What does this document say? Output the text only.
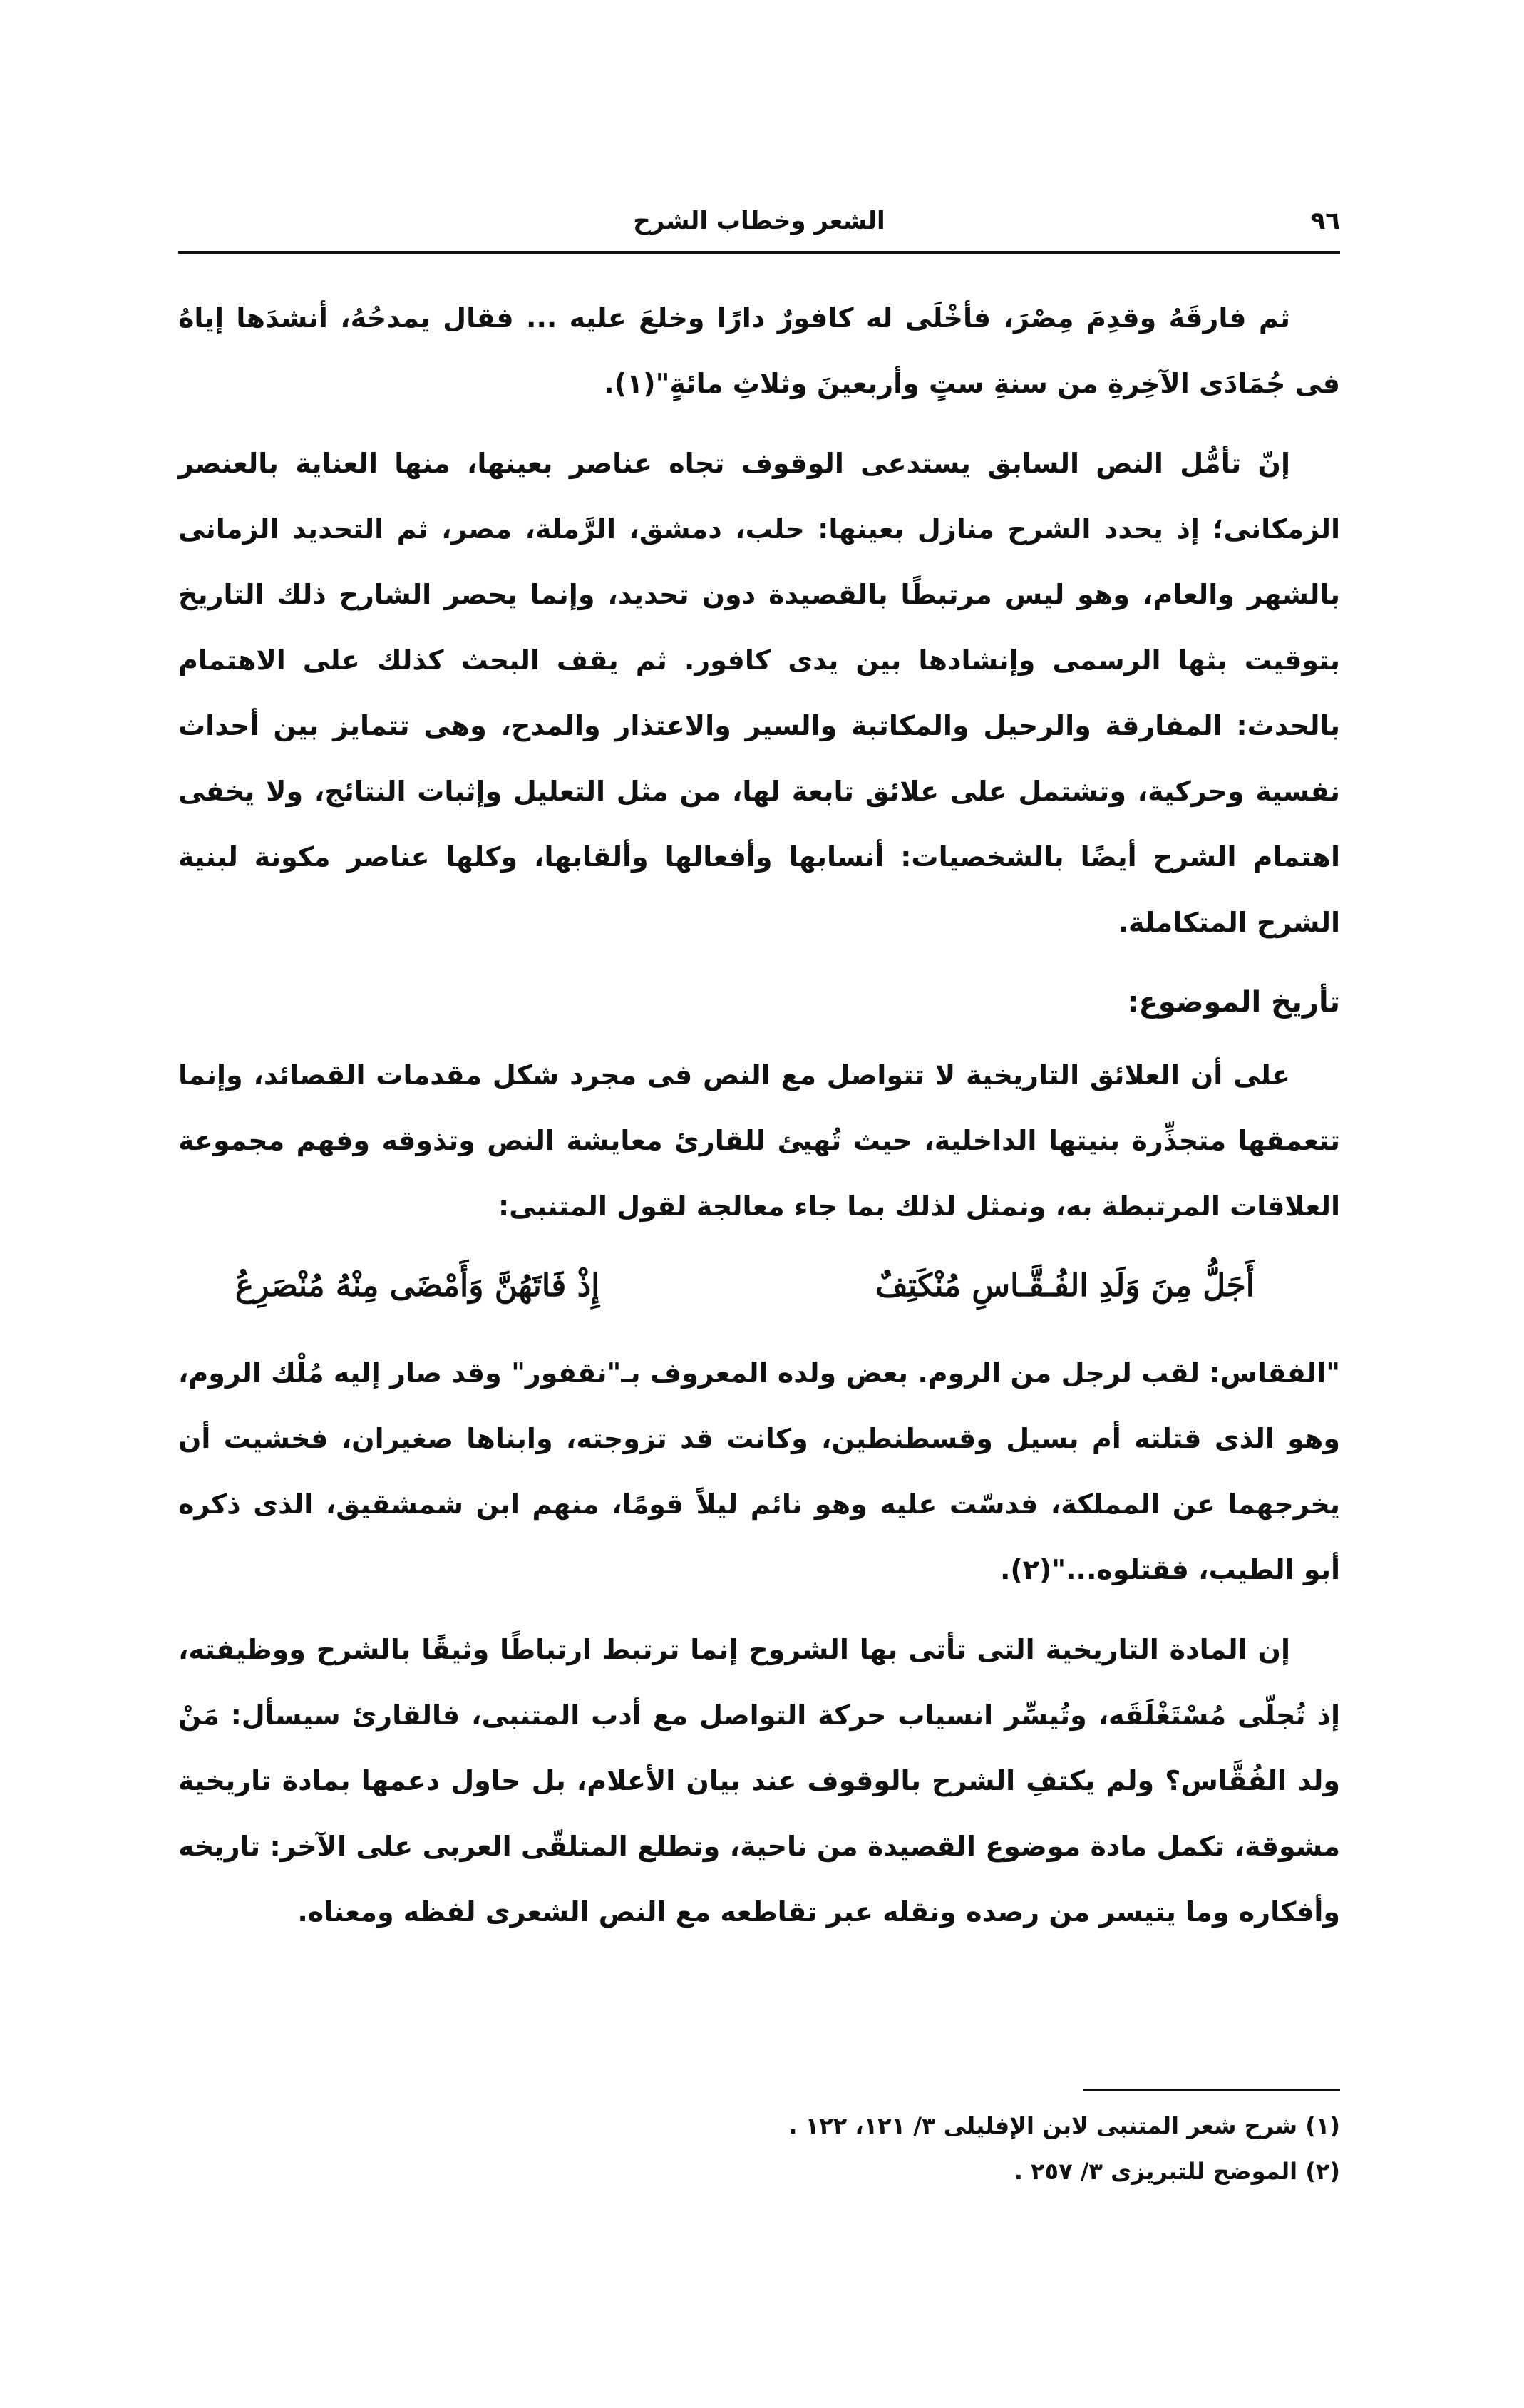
٩٦
الشعر وخطاب الشرح

ثم فارقَهُ وقدِمَ مِصْرَ، فأخْلَى له كافورٌ دارًا وخلعَ عليه ... فقال يمدحُهُ، أنشدَها إياهُ فى جُمَادَى الآخِرةِ من سنةِ ستٍ وأربعينَ وثلاثِ مائةٍ"(١).

إنّ تأمُّل النص السابق يستدعى الوقوف تجاه عناصر بعينها، منها العناية بالعنصر الزمكانى؛ إذ يحدد الشرح منازل بعينها: حلب، دمشق، الرَّملة، مصر، ثم التحديد الزمانى بالشهر والعام، وهو ليس مرتبطًا بالقصيدة دون تحديد، وإنما يحصر الشارح ذلك التاريخ بتوقيت بثها الرسمى وإنشادها بين يدى كافور. ثم يقف البحث كذلك على الاهتمام بالحدث: المفارقة والرحيل والمكاتبة والسير والاعتذار والمدح، وهى تتمايز بين أحداث نفسية وحركية، وتشتمل على علائق تابعة لها، من مثل التعليل وإثبات النتائج، ولا يخفى اهتمام الشرح أيضًا بالشخصيات: أنسابها وأفعالها وألقابها، وكلها عناصر مكونة لبنية الشرح المتكاملة.

تأريخ الموضوع:

على أن العلائق التاريخية لا تتواصل مع النص فى مجرد شكل مقدمات القصائد، وإنما تتعمقها متجذِّرة بنيتها الداخلية، حيث تُهيئ للقارئ معايشة النص وتذوقه وفهم مجموعة العلاقات المرتبطة به، ونمثل لذلك بما جاء معالجة لقول المتنبى:

أَجَلُّ مِنَ وَلَدِ الفُـقَّـاسِ مُنْكَتِفٌ
إِذْ فَاتَهُنَّ وَأَمْضَى مِنْهُ مُنْصَرِعُ

"الفقاس: لقب لرجل من الروم. بعض ولده المعروف بـ"نقفور" وقد صار إليه مُلْك الروم، وهو الذى قتلته أم بسيل وقسطنطين، وكانت قد تزوجته، وابناها صغيران، فخشيت أن يخرجهما عن المملكة، فدسّت عليه وهو نائم ليلاً قومًا، منهم ابن شمشقيق، الذى ذكره أبو الطيب، فقتلوه..."(٢).

إن المادة التاريخية التى تأتى بها الشروح إنما ترتبط ارتباطًا وثيقًا بالشرح ووظيفته، إذ تُجلّى مُسْتَغْلَقَه، وتُيسِّر انسياب حركة التواصل مع أدب المتنبى، فالقارئ سيسأل: مَنْ ولد الفُقَّاس؟ ولم يكتفِ الشرح بالوقوف عند بيان الأعلام، بل حاول دعمها بمادة تاريخية مشوقة، تكمل مادة موضوع القصيدة من ناحية، وتطلع المتلقّى العربى على الآخر: تاريخه وأفكاره وما يتيسر من رصده ونقله عبر تقاطعه مع النص الشعرى لفظه ومعناه.

(١) شرح شعر المتنبى لابن الإفليلى ٣/ ١٢١، ١٢٢ .
(٢) الموضح للتبريزى ٣/ ٢٥٧ .
